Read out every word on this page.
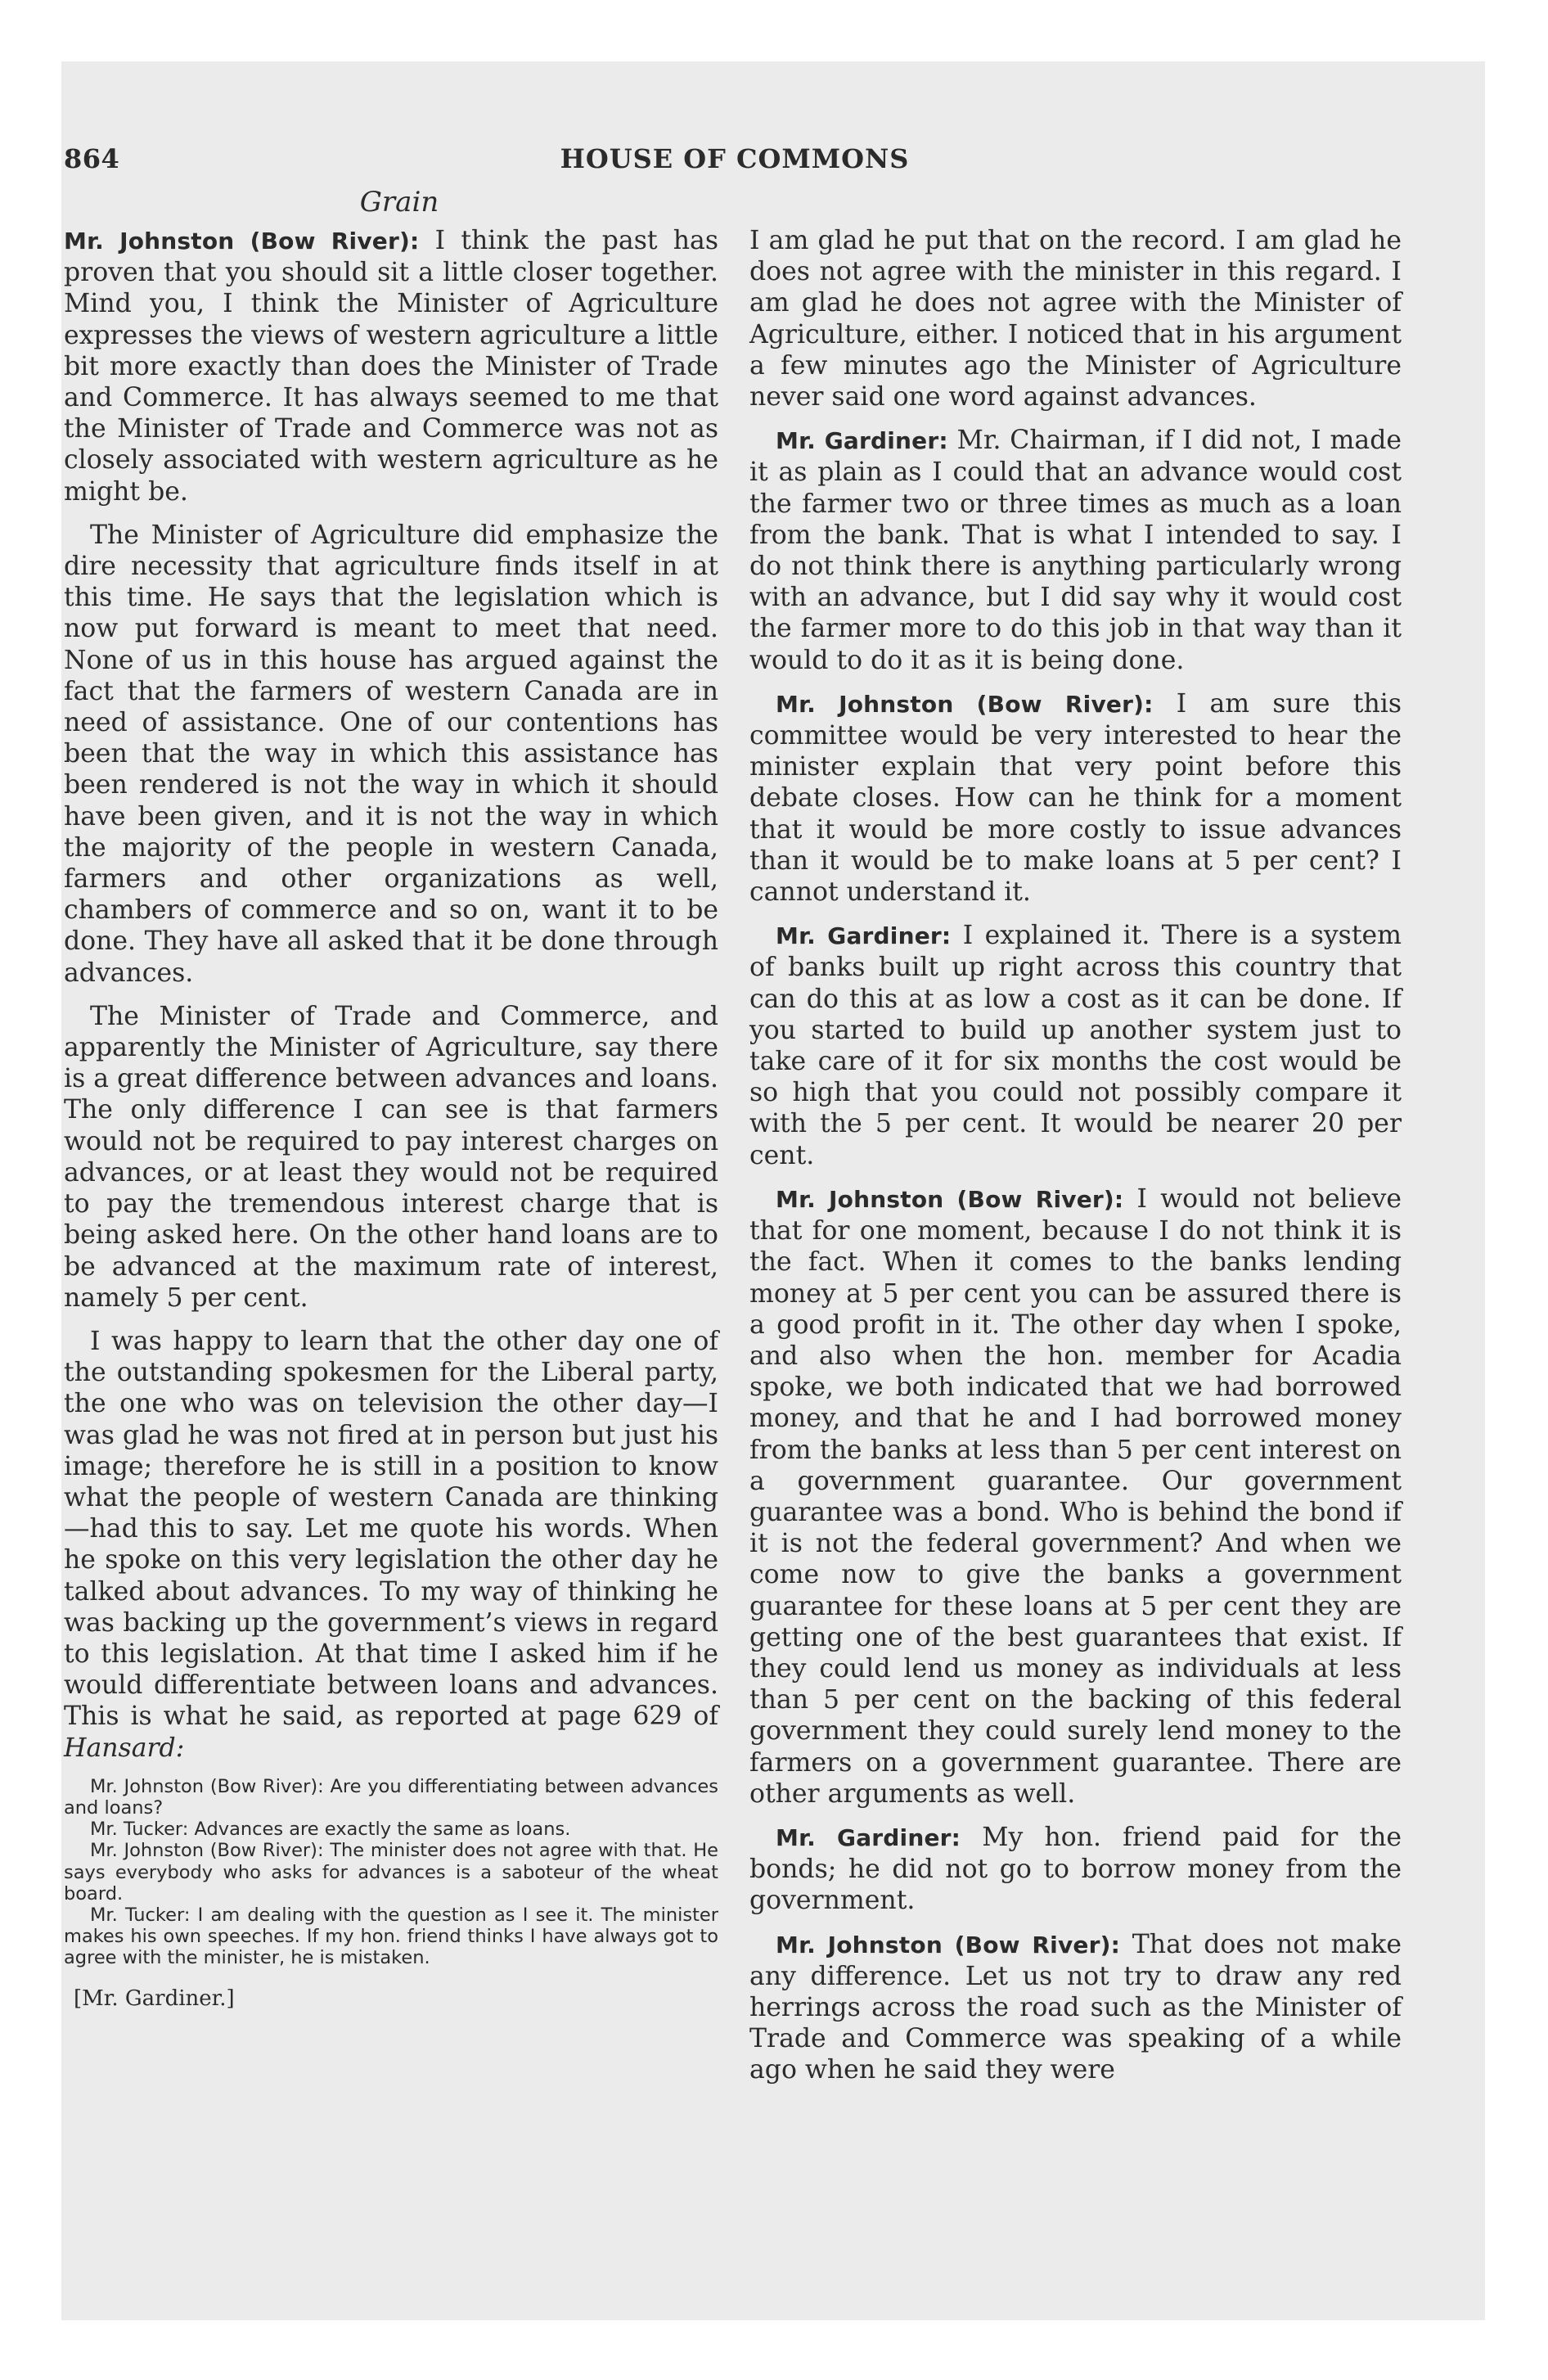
864	HOUSE OF COMMONS
Grain

Mr. Johnston (Bow River): I think the past has proven that you should sit a little closer together. Mind you, I think the Minister of Agriculture expresses the views of western agriculture a little bit more exactly than does the Minister of Trade and Commerce. It has always seemed to me that the Minister of Trade and Commerce was not as closely associated with western agriculture as he might be.

The Minister of Agriculture did emphasize the dire necessity that agriculture finds itself in at this time. He says that the legislation which is now put forward is meant to meet that need. None of us in this house has argued against the fact that the farmers of western Canada are in need of assistance. One of our contentions has been that the way in which this assistance has been rendered is not the way in which it should have been given, and it is not the way in which the majority of the people in western Canada, farmers and other organizations as well, chambers of commerce and so on, want it to be done. They have all asked that it be done through advances.

The Minister of Trade and Commerce, and apparently the Minister of Agriculture, say there is a great difference between advances and loans. The only difference I can see is that farmers would not be required to pay interest charges on advances, or at least they would not be required to pay the tremendous interest charge that is being asked here. On the other hand loans are to be advanced at the maximum rate of interest, namely 5 per cent.

I was happy to learn that the other day one of the outstanding spokesmen for the Liberal party, the one who was on television the other day—I was glad he was not fired at in person but just his image; therefore he is still in a position to know what the people of western Canada are thinking—had this to say. Let me quote his words. When he spoke on this very legislation the other day he talked about advances. To my way of thinking he was backing up the government’s views in regard to this legislation. At that time I asked him if he would differentiate between loans and advances. This is what he said, as reported at page 629 of Hansard:

Mr. Johnston (Bow River): Are you differentiating between advances and loans?
Mr. Tucker: Advances are exactly the same as loans.
Mr. Johnston (Bow River): The minister does not agree with that. He says everybody who asks for advances is a saboteur of the wheat board.
Mr. Tucker: I am dealing with the question as I see it. The minister makes his own speeches. If my hon. friend thinks I have always got to agree with the minister, he is mistaken.
[Mr. Gardiner.]

I am glad he put that on the record. I am glad he does not agree with the minister in this regard. I am glad he does not agree with the Minister of Agriculture, either. I noticed that in his argument a few minutes ago the Minister of Agriculture never said one word against advances.

Mr. Gardiner: Mr. Chairman, if I did not, I made it as plain as I could that an advance would cost the farmer two or three times as much as a loan from the bank. That is what I intended to say. I do not think there is anything particularly wrong with an advance, but I did say why it would cost the farmer more to do this job in that way than it would to do it as it is being done.

Mr. Johnston (Bow River): I am sure this committee would be very interested to hear the minister explain that very point before this debate closes. How can he think for a moment that it would be more costly to issue advances than it would be to make loans at 5 per cent? I cannot understand it.

Mr. Gardiner: I explained it. There is a system of banks built up right across this country that can do this at as low a cost as it can be done. If you started to build up another system just to take care of it for six months the cost would be so high that you could not possibly compare it with the 5 per cent. It would be nearer 20 per cent.

Mr. Johnston (Bow River): I would not believe that for one moment, because I do not think it is the fact. When it comes to the banks lending money at 5 per cent you can be assured there is a good profit in it. The other day when I spoke, and also when the hon. member for Acadia spoke, we both indicated that we had borrowed money, and that he and I had borrowed money from the banks at less than 5 per cent interest on a government guarantee. Our government guarantee was a bond. Who is behind the bond if it is not the federal government? And when we come now to give the banks a government guarantee for these loans at 5 per cent they are getting one of the best guarantees that exist. If they could lend us money as individuals at less than 5 per cent on the backing of this federal government they could surely lend money to the farmers on a government guarantee. There are other arguments as well.

Mr. Gardiner: My hon. friend paid for the bonds; he did not go to borrow money from the government.

Mr. Johnston (Bow River): That does not make any difference. Let us not try to draw any red herrings across the road such as the Minister of Trade and Commerce was speaking of a while ago when he said they were
